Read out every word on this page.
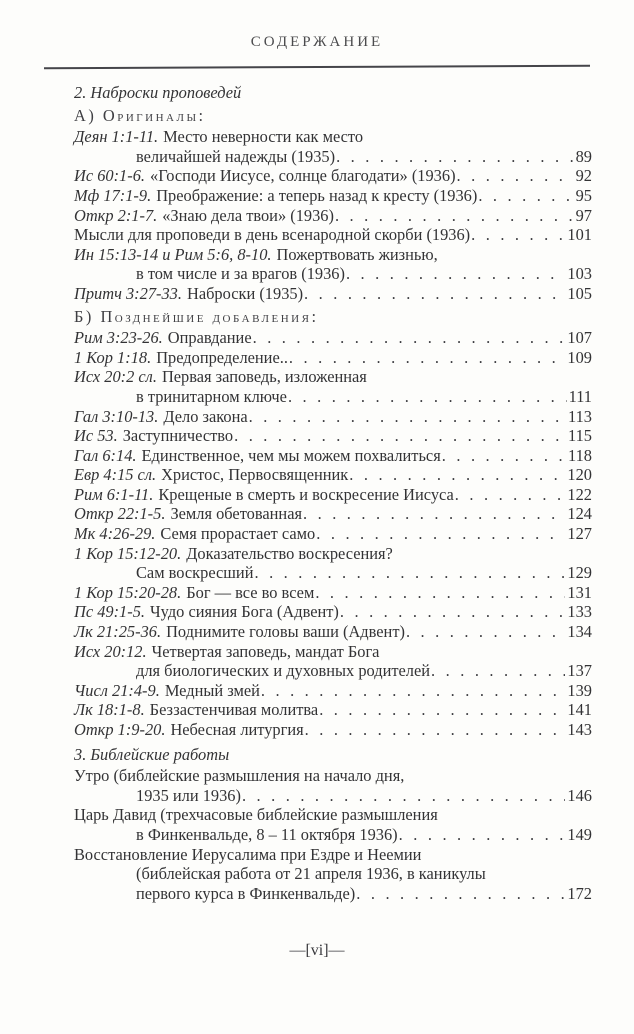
СОДЕРЖАНИЕ
2. Наброски проповедей
А) Оригиналы:
Деян 1:1-11. Место неверности как место
величайшей надежды (1935) . . .	89
Ис 60:1-6. «Господи Иисусе, солнце благодати» (1936) . . .	92
Мф 17:1-9. Преображение: а теперь назад к кресту (1936) . . .	95
Откр 2:1-7. «Знаю дела твои» (1936) . . .	97
Мысли для проповеди в день всенародной скорби (1936) . . .	101
Ин 15:13-14 и Рим 5:6, 8-10. Пожертвовать жизнью,
в том числе и за врагов (1936) . . .	103
Притч 3:27-33. Наброски (1935) . . .	105
Б) Позднейшие добавления:
Рим 3:23-26. Оправдание . . .	107
1 Кор 1:18. Предопределение.. . . .	109
Исх 20:2 сл. Первая заповедь, изложенная
в тринитарном ключе . . .	111
Гал 3:10-13. Дело закона . . .	113
Ис 53. Заступничество . . .	115
Гал 6:14. Единственное, чем мы можем похвалиться . . .	118
Евр 4:15 сл. Христос, Первосвященник . . .	120
Рим 6:1-11. Крещеные в смерть и воскресение Иисуса . . .	122
Откр 22:1-5. Земля обетованная . . .	124
Мк 4:26-29. Семя прорастает само . . .	127
1 Кор 15:12-20. Доказательство воскресения?
Сам воскресший . . .	129
1 Кор 15:20-28. Бог — все во всем . . .	131
Пс 49:1-5. Чудо сияния Бога (Адвент) . . .	133
Лк 21:25-36. Поднимите головы ваши (Адвент) . . .	134
Исх 20:12. Четвертая заповедь, мандат Бога
для биологических и духовных родителей . . .	137
Числ 21:4-9. Медный змей . . .	139
Лк 18:1-8. Беззастенчивая молитва . . .	141
Откр 1:9-20. Небесная литургия . . .	143
3. Библейские работы
Утро (библейские размышления на начало дня,
1935 или 1936) . . .	146
Царь Давид (трехчасовые библейские размышления
в Финкенвальде, 8 – 11 октября 1936) . . .	149
Восстановление Иерусалима при Ездре и Неемии
(библейская работа от 21 апреля 1936, в каникулы
первого курса в Финкенвальде) . . .	172
—[vi]—
